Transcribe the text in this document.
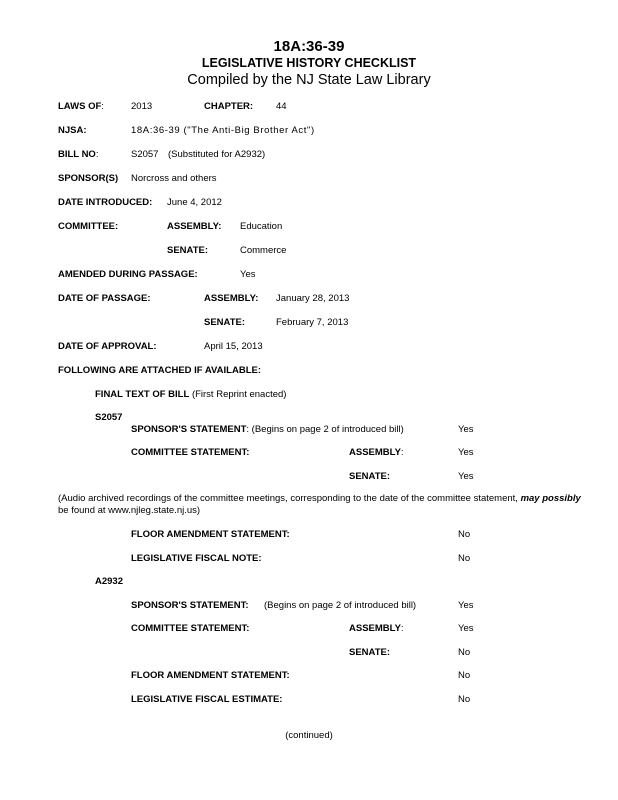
18A:36-39
LEGISLATIVE HISTORY CHECKLIST
Compiled by the NJ State Law Library
LAWS OF:	2013	CHAPTER: 44
NJSA:	18A:36-39 ("The Anti-Big Brother Act")
BILL NO:	S2057 (Substituted for A2932)
SPONSOR(S) Norcross and others
DATE INTRODUCED: June 4, 2012
COMMITTEE:	ASSEMBLY: Education
SENATE:	Commerce
AMENDED DURING PASSAGE:	Yes
DATE OF PASSAGE:	ASSEMBLY: January 28, 2013
SENATE:	February 7, 2013
DATE OF APPROVAL:	April 15, 2013
FOLLOWING ARE ATTACHED IF AVAILABLE:
FINAL TEXT OF BILL (First Reprint enacted)
S2057
SPONSOR'S STATEMENT: (Begins on page 2 of introduced bill)	Yes
COMMITTEE STATEMENT:	ASSEMBLY:	Yes
SENATE:	Yes
(Audio archived recordings of the committee meetings, corresponding to the date of the committee statement, may possibly
be found at www.njleg.state.nj.us)
FLOOR AMENDMENT STATEMENT:	No
LEGISLATIVE FISCAL NOTE:	No
A2932
SPONSOR'S STATEMENT: (Begins on page 2 of introduced bill)	Yes
COMMITTEE STATEMENT:	ASSEMBLY:	Yes
SENATE:	No
FLOOR AMENDMENT STATEMENT:	No
LEGISLATIVE FISCAL ESTIMATE:	No
(continued)
